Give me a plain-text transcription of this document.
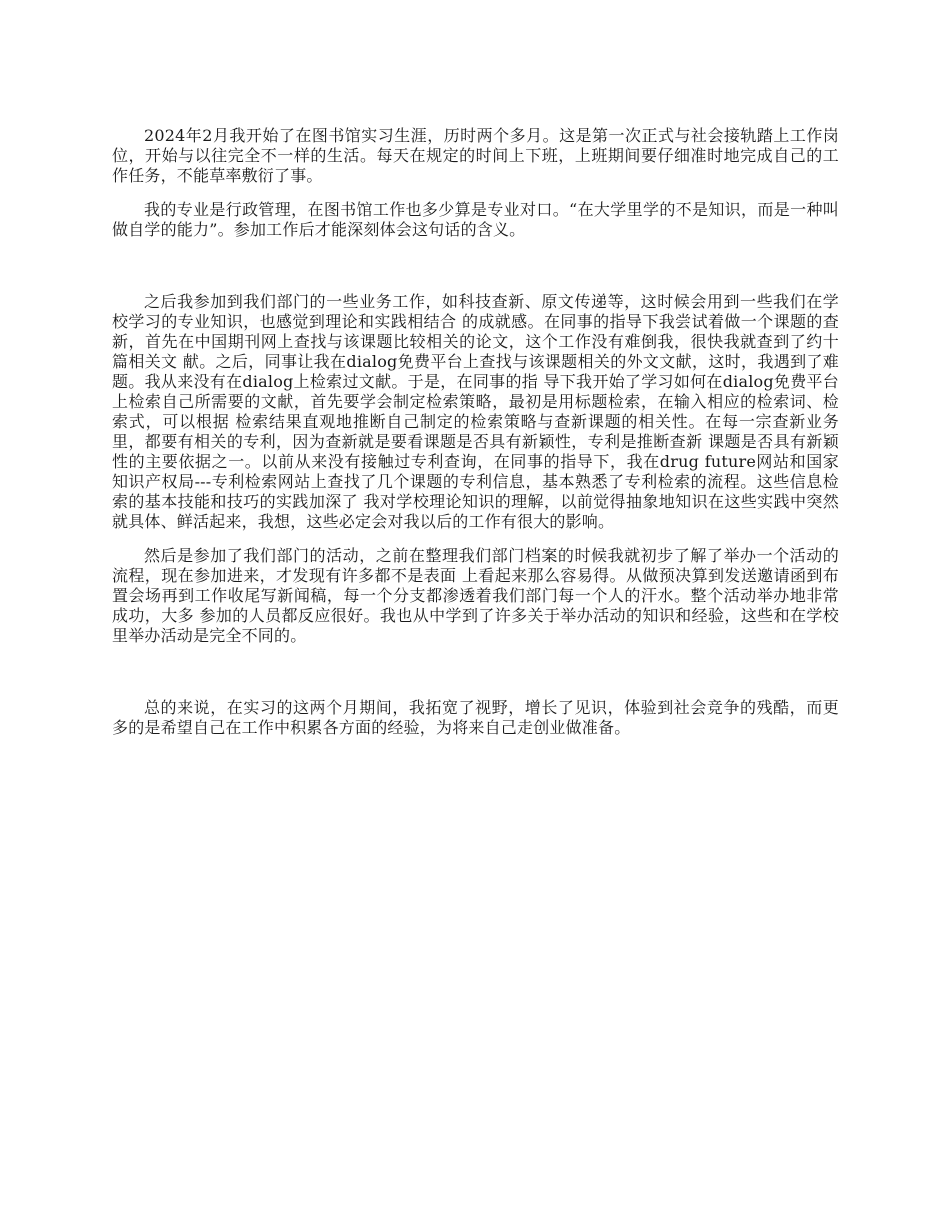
2024年2月我开始了在图书馆实习生涯，历时两个多月。这是第一次正式与社会接轨踏上工作岗位，开始与以往完全不一样的生活。每天在规定的时间上下班，上班期间要仔细准时地完成自己的工作任务，不能草率敷衍了事。

我的专业是行政管理，在图书馆工作也多少算是专业对口。“在大学里学的不是知识，而是一种叫做自学的能力”。参加工作后才能深刻体会这句话的含义。

之后我参加到我们部门的一些业务工作，如科技查新、原文传递等，这时候会用到一些我们在学校学习的专业知识，也感觉到理论和实践相结合 的成就感。在同事的指导下我尝试着做一个课题的查新，首先在中国期刊网上查找与该课题比较相关的论文，这个工作没有难倒我，很快我就查到了约十篇相关文 献。之后，同事让我在dialog免费平台上查找与该课题相关的外文文献，这时，我遇到了难题。我从来没有在dialog上检索过文献。于是，在同事的指 导下我开始了学习如何在dialog免费平台上检索自己所需要的文献，首先要学会制定检索策略，最初是用标题检索，在输入相应的检索词、检索式，可以根据 检索结果直观地推断自己制定的检索策略与查新课题的相关性。在每一宗查新业务里，都要有相关的专利，因为查新就是要看课题是否具有新颖性，专利是推断查新 课题是否具有新颖性的主要依据之一。以前从来没有接触过专利查询，在同事的指导下，我在drug future网站和国家知识产权局---专利检索网站上查找了几个课题的专利信息，基本熟悉了专利检索的流程。这些信息检索的基本技能和技巧的实践加深了 我对学校理论知识的理解，以前觉得抽象地知识在这些实践中突然就具体、鲜活起来，我想，这些必定会对我以后的工作有很大的影响。

然后是参加了我们部门的活动，之前在整理我们部门档案的时候我就初步了解了举办一个活动的流程，现在参加进来，才发现有许多都不是表面 上看起来那么容易得。从做预决算到发送邀请函到布置会场再到工作收尾写新闻稿，每一个分支都渗透着我们部门每一个人的汗水。整个活动举办地非常成功，大多 参加的人员都反应很好。我也从中学到了许多关于举办活动的知识和经验，这些和在学校里举办活动是完全不同的。

总的来说，在实习的这两个月期间，我拓宽了视野，增长了见识，体验到社会竞争的残酷，而更多的是希望自己在工作中积累各方面的经验，为将来自己走创业做准备。
